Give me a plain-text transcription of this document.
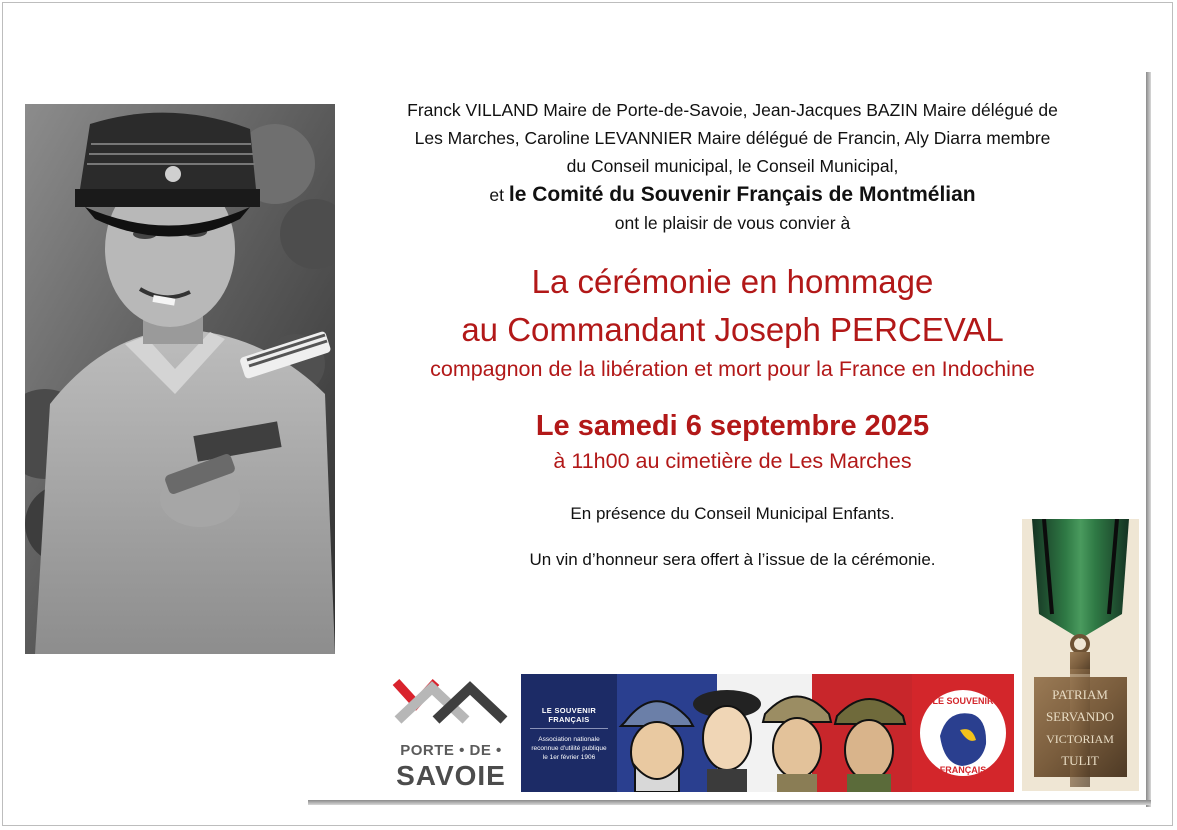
Franck VILLAND Maire de Porte-de-Savoie, Jean-Jacques BAZIN Maire délégué de
Les Marches, Caroline LEVANNIER Maire délégué de Francin, Aly Diarra membre
du Conseil municipal, le Conseil Municipal,
et le Comité du Souvenir Français de Montmélian
ont le plaisir de vous convier à
La cérémonie en hommage
au Commandant Joseph PERCEVAL
compagnon de la libération et mort pour la France en Indochine
Le samedi 6 septembre 2025
à 11h00 au cimetière de Les Marches
En présence du Conseil Municipal Enfants.
Un vin d’honneur sera offert à l’issue de la cérémonie.
PORTE • DE •
SAVOIE
LE SOUVENIR FRANÇAIS
Association nationale
reconnue d'utilité publique
le 1er février 1906
LE SOUVENIR
FRANÇAIS
PATRIAM
SERVANDO
VICTORIAM
TULIT
